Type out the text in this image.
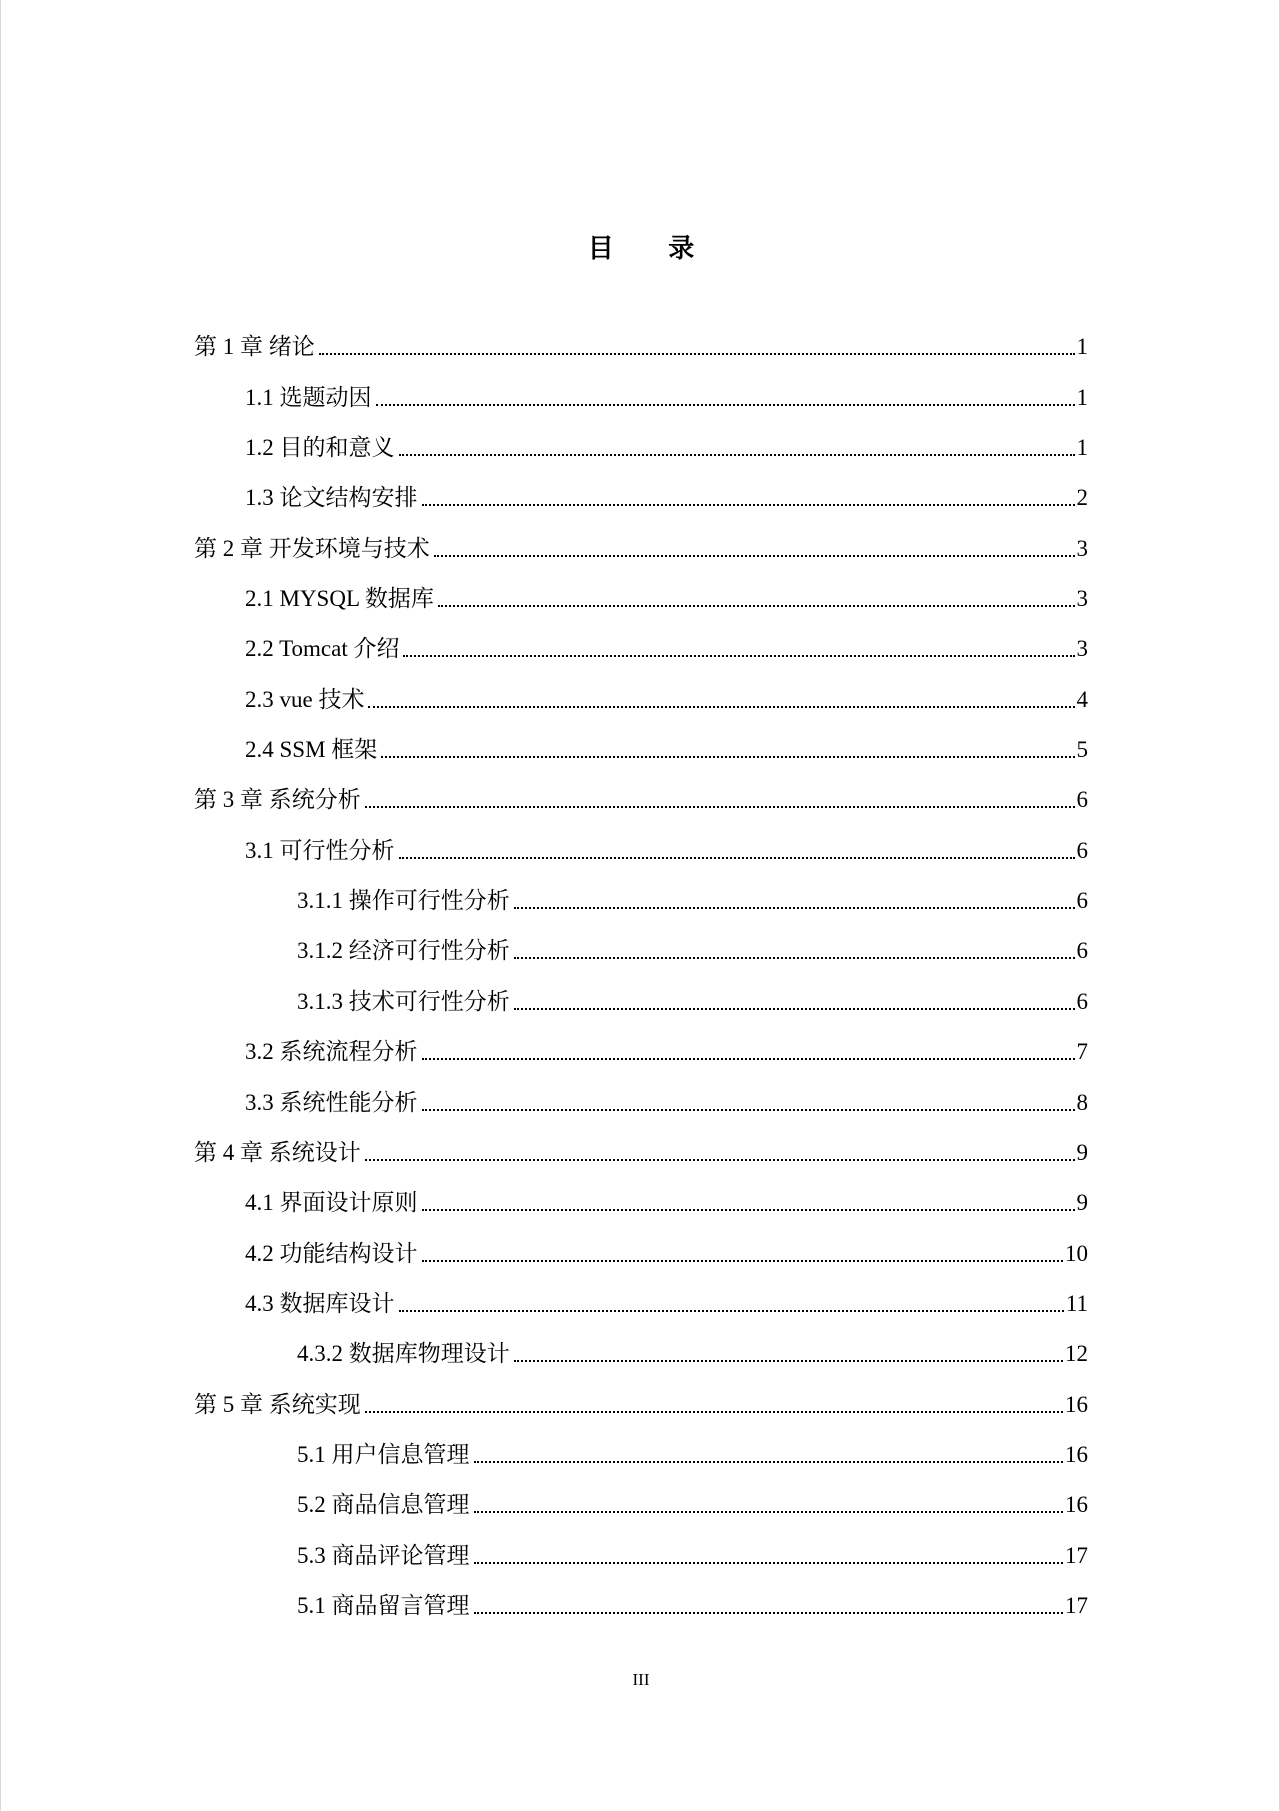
目 录
第 1 章 绪论	1
1.1 选题动因	1
1.2 目的和意义	1
1.3 论文结构安排	2
第 2 章 开发环境与技术	3
2.1 MYSQL 数据库	3
2.2 Tomcat 介绍	3
2.3 vue 技术	4
2.4 SSM 框架	5
第 3 章 系统分析	6
3.1 可行性分析	6
3.1.1 操作可行性分析	6
3.1.2 经济可行性分析	6
3.1.3 技术可行性分析	6
3.2 系统流程分析	7
3.3 系统性能分析	8
第 4 章 系统设计	9
4.1 界面设计原则	9
4.2 功能结构设计	10
4.3 数据库设计	11
4.3.2 数据库物理设计	12
第 5 章 系统实现	16
5.1 用户信息管理	16
5.2 商品信息管理	16
5.3 商品评论管理	17
5.1 商品留言管理	17
III
